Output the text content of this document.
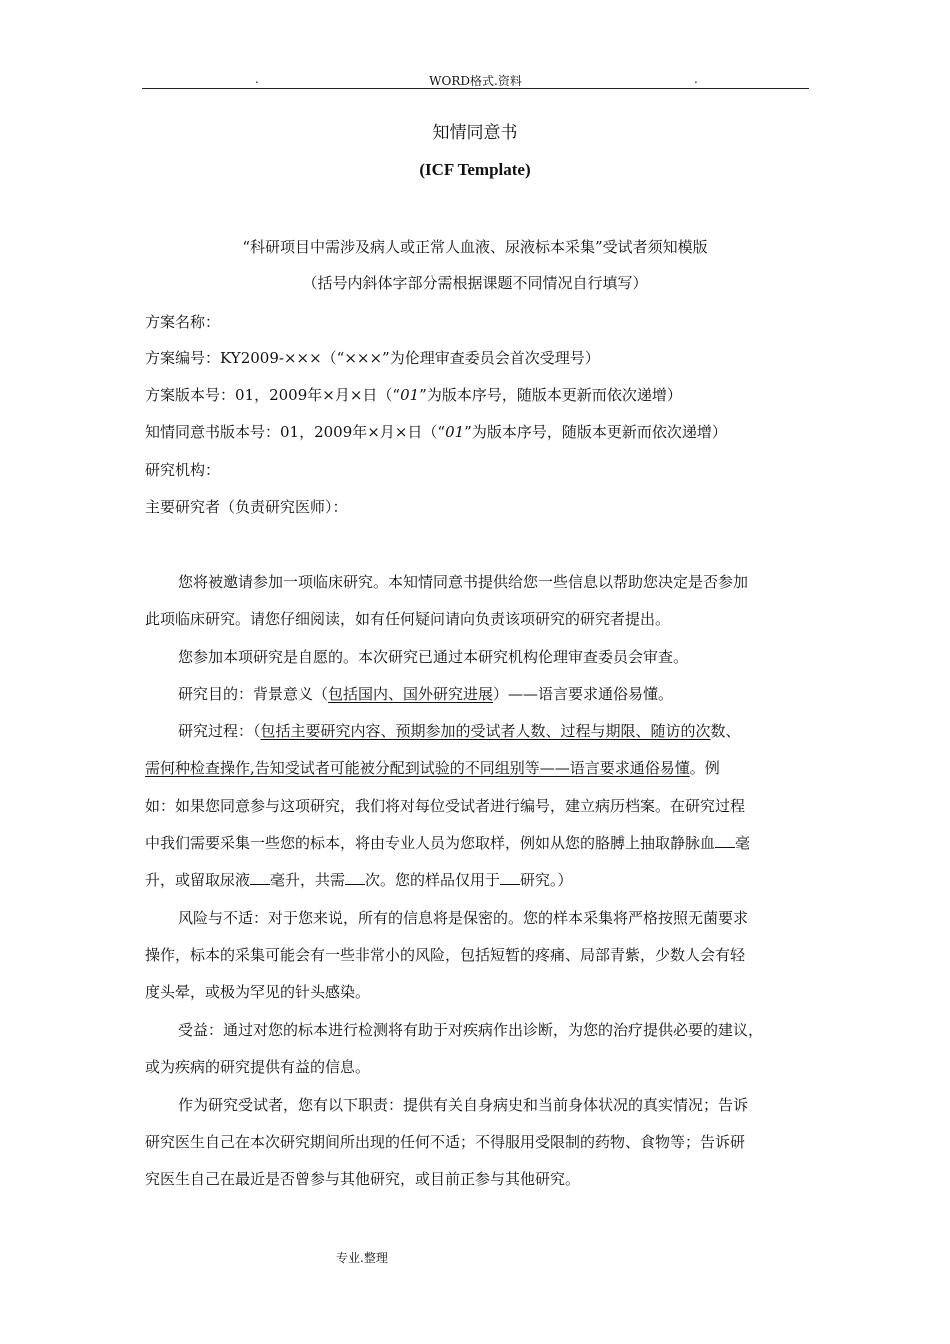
.	WORD格式.资料	.
知情同意书
(ICF Template)
“科研项目中需涉及病人或正常人血液、尿液标本采集”受试者须知模版
（括号内斜体字部分需根据课题不同情况自行填写）
方案名称：
方案编号：KY2009-×××（“×××”为伦理审查委员会首次受理号）
方案版本号：01，2009年×月×日（“01”为版本序号，随版本更新而依次递增）
知情同意书版本号：01，2009年×月×日（“01”为版本序号，随版本更新而依次递增）
研究机构：
主要研究者（负责研究医师）：
您将被邀请参加一项临床研究。本知情同意书提供给您一些信息以帮助您决定是否参加
此项临床研究。请您仔细阅读，如有任何疑问请向负责该项研究的研究者提出。
您参加本项研究是自愿的。本次研究已通过本研究机构伦理审查委员会审查。
研究目的：背景意义（包括国内、国外研究进展）——语言要求通俗易懂。
研究过程：（包括主要研究内容、预期参加的受试者人数、过程与期限、随访的次数、
需何种检查操作,告知受试者可能被分配到试验的不同组别等——语言要求通俗易懂。例
如：如果您同意参与这项研究，我们将对每位受试者进行编号，建立病历档案。在研究过程
中我们需要采集一些您的标本，将由专业人员为您取样，例如从您的胳膊上抽取静脉血 毫
升，或留取尿液 毫升，共需 次。您的样品仅用于 研究。）
风险与不适：对于您来说，所有的信息将是保密的。您的样本采集将严格按照无菌要求
操作，标本的采集可能会有一些非常小的风险，包括短暂的疼痛、局部青紫，少数人会有轻
度头晕，或极为罕见的针头感染。
受益：通过对您的标本进行检测将有助于对疾病作出诊断，为您的治疗提供必要的建议，
或为疾病的研究提供有益的信息。
作为研究受试者，您有以下职责：提供有关自身病史和当前身体状况的真实情况；告诉
研究医生自己在本次研究期间所出现的任何不适；不得服用受限制的药物、食物等；告诉研
究医生自己在最近是否曾参与其他研究，或目前正参与其他研究。
专业.整理
